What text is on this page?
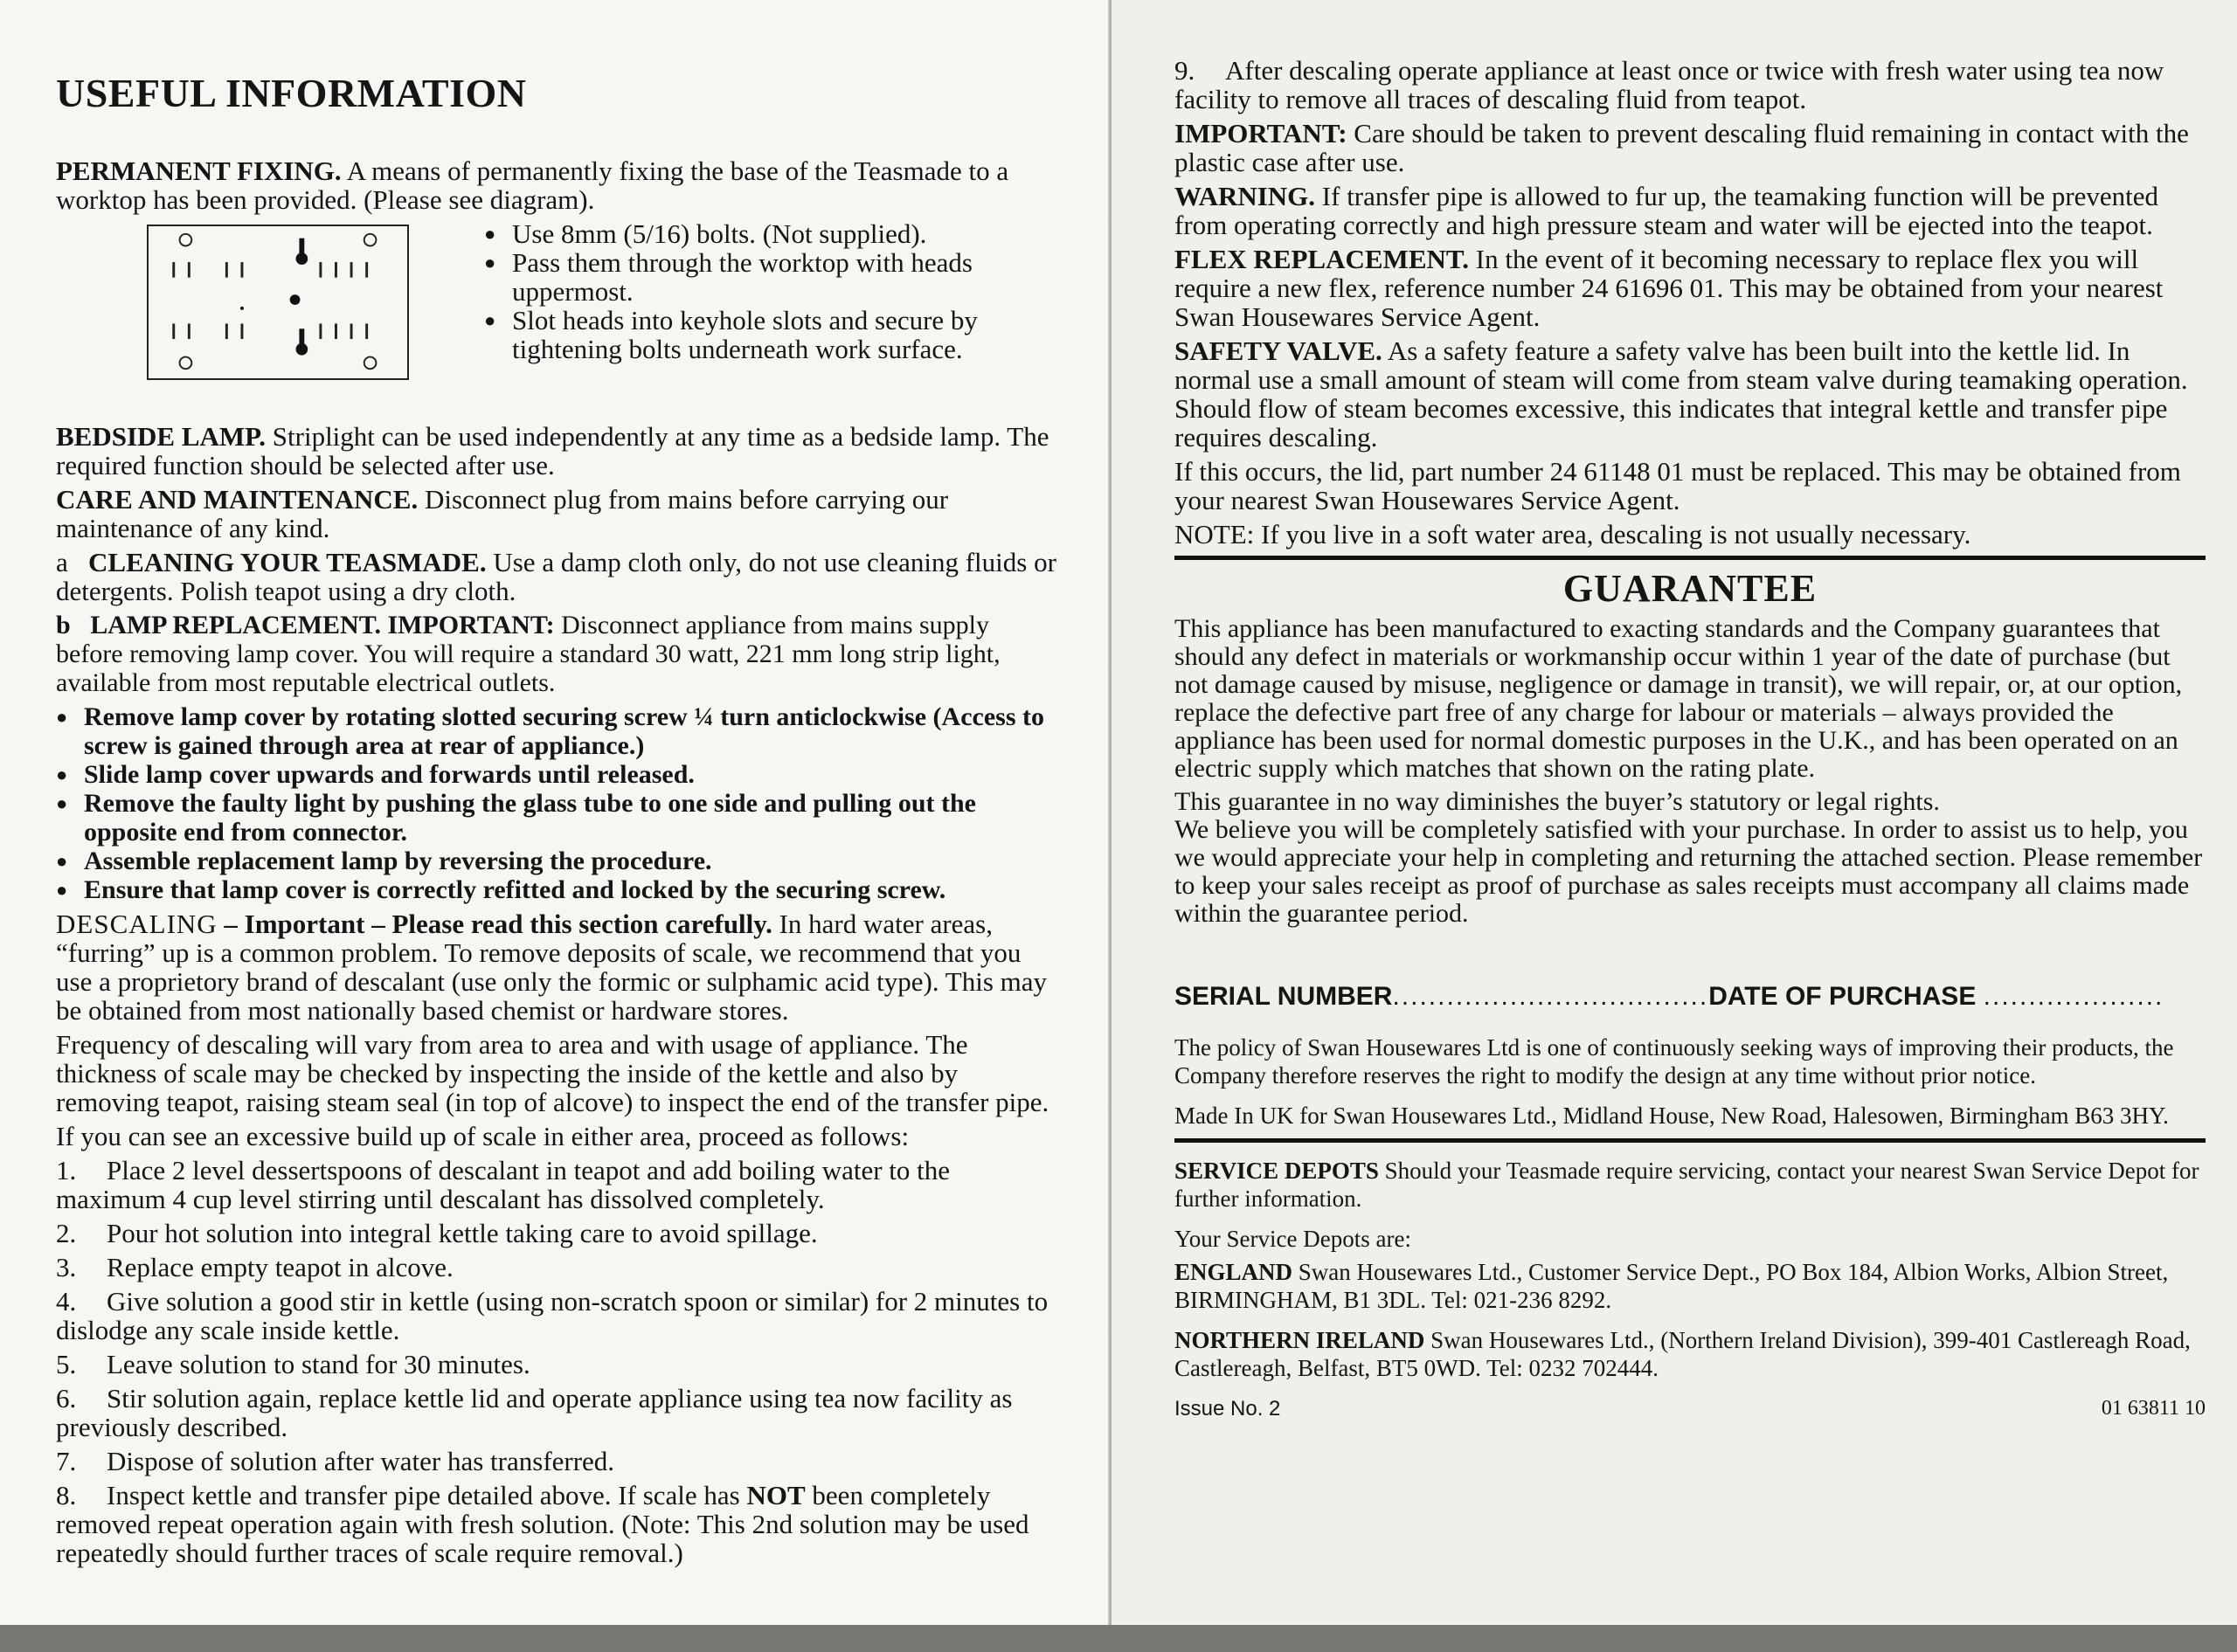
USEFUL INFORMATION

PERMANENT FIXING. A means of permanently fixing the base of the Teasmade to a worktop has been provided. (Please see diagram).

● Use 8mm (5/16) bolts. (Not supplied).

● Pass them through the worktop with heads uppermost.

● Slot heads into keyhole slots and secure by tightening bolts underneath work surface.

BEDSIDE LAMP. Striplight can be used independently at any time as a bedside lamp. The required function should be selected after use.

CARE AND MAINTENANCE. Disconnect plug from mains before carrying our maintenance of any kind.

a CLEANING YOUR TEASMADE. Use a damp cloth only, do not use cleaning fluids or detergents. Polish teapot using a dry cloth.

b LAMP REPLACEMENT. IMPORTANT: Disconnect appliance from mains supply before removing lamp cover. You will require a standard 30 watt, 221 mm long strip light, available from most reputable electrical outlets.

● Remove lamp cover by rotating slotted securing screw ¼ turn anticlockwise (Access to screw is gained through area at rear of appliance.)

● Slide lamp cover upwards and forwards until released.

● Remove the faulty light by pushing the glass tube to one side and pulling out the opposite end from connector.

● Assemble replacement lamp by reversing the procedure.

● Ensure that lamp cover is correctly refitted and locked by the securing screw.

DESCALING – Important – Please read this section carefully. In hard water areas, “furring” up is a common problem. To remove deposits of scale, we recommend that you use a proprietory brand of descalant (use only the formic or sulphamic acid type). This may be obtained from most nationally based chemist or hardware stores.

Frequency of descaling will vary from area to area and with usage of appliance. The thickness of scale may be checked by inspecting the inside of the kettle and also by removing teapot, raising steam seal (in top of alcove) to inspect the end of the transfer pipe.

If you can see an excessive build up of scale in either area, proceed as follows:

1. Place 2 level dessertspoons of descalant in teapot and add boiling water to the maximum 4 cup level stirring until descalant has dissolved completely.

2. Pour hot solution into integral kettle taking care to avoid spillage.

3. Replace empty teapot in alcove.

4. Give solution a good stir in kettle (using non-scratch spoon or similar) for 2 minutes to dislodge any scale inside kettle.

5. Leave solution to stand for 30 minutes.

6. Stir solution again, replace kettle lid and operate appliance using tea now facility as previously described.

7. Dispose of solution after water has transferred.

8. Inspect kettle and transfer pipe detailed above. If scale has NOT been completely removed repeat operation again with fresh solution. (Note: This 2nd solution may be used repeatedly should further traces of scale require removal.)

9. After descaling operate appliance at least once or twice with fresh water using tea now facility to remove all traces of descaling fluid from teapot.

IMPORTANT: Care should be taken to prevent descaling fluid remaining in contact with the plastic case after use.

WARNING. If transfer pipe is allowed to fur up, the teamaking function will be prevented from operating correctly and high pressure steam and water will be ejected into the teapot.

FLEX REPLACEMENT. In the event of it becoming necessary to replace flex you will require a new flex, reference number 24 61696 01. This may be obtained from your nearest Swan Housewares Service Agent.

SAFETY VALVE. As a safety feature a safety valve has been built into the kettle lid. In normal use a small amount of steam will come from steam valve during teamaking operation. Should flow of steam becomes excessive, this indicates that integral kettle and transfer pipe requires descaling.

If this occurs, the lid, part number 24 61148 01 must be replaced. This may be obtained from your nearest Swan Housewares Service Agent.

NOTE: If you live in a soft water area, descaling is not usually necessary.

GUARANTEE

This appliance has been manufactured to exacting standards and the Company guarantees that should any defect in materials or workmanship occur within 1 year of the date of purchase (but not damage caused by misuse, negligence or damage in transit), we will repair, or, at our option, replace the defective part free of any charge for labour or materials – always provided the appliance has been used for normal domestic purposes in the U.K., and has been operated on an electric supply which matches that shown on the rating plate.

This guarantee in no way diminishes the buyer’s statutory or legal rights.

We believe you will be completely satisfied with your purchase. In order to assist us to help, you we would appreciate your help in completing and returning the attached section. Please remember to keep your sales receipt as proof of purchase as sales receipts must accompany all claims made within the guarantee period.

SERIAL NUMBER...................................DATE OF PURCHASE ....................

The policy of Swan Housewares Ltd is one of continuously seeking ways of improving their products, the Company therefore reserves the right to modify the design at any time without prior notice.

Made In UK for Swan Housewares Ltd., Midland House, New Road, Halesowen, Birmingham B63 3HY.

SERVICE DEPOTS Should your Teasmade require servicing, contact your nearest Swan Service Depot for further information.

Your Service Depots are:

ENGLAND Swan Housewares Ltd., Customer Service Dept., PO Box 184, Albion Works, Albion Street, BIRMINGHAM, B1 3DL. Tel: 021-236 8292.

NORTHERN IRELAND Swan Housewares Ltd., (Northern Ireland Division), 399-401 Castlereagh Road, Castlereagh, Belfast, BT5 0WD. Tel: 0232 702444.

Issue No. 2	01 63811 10
